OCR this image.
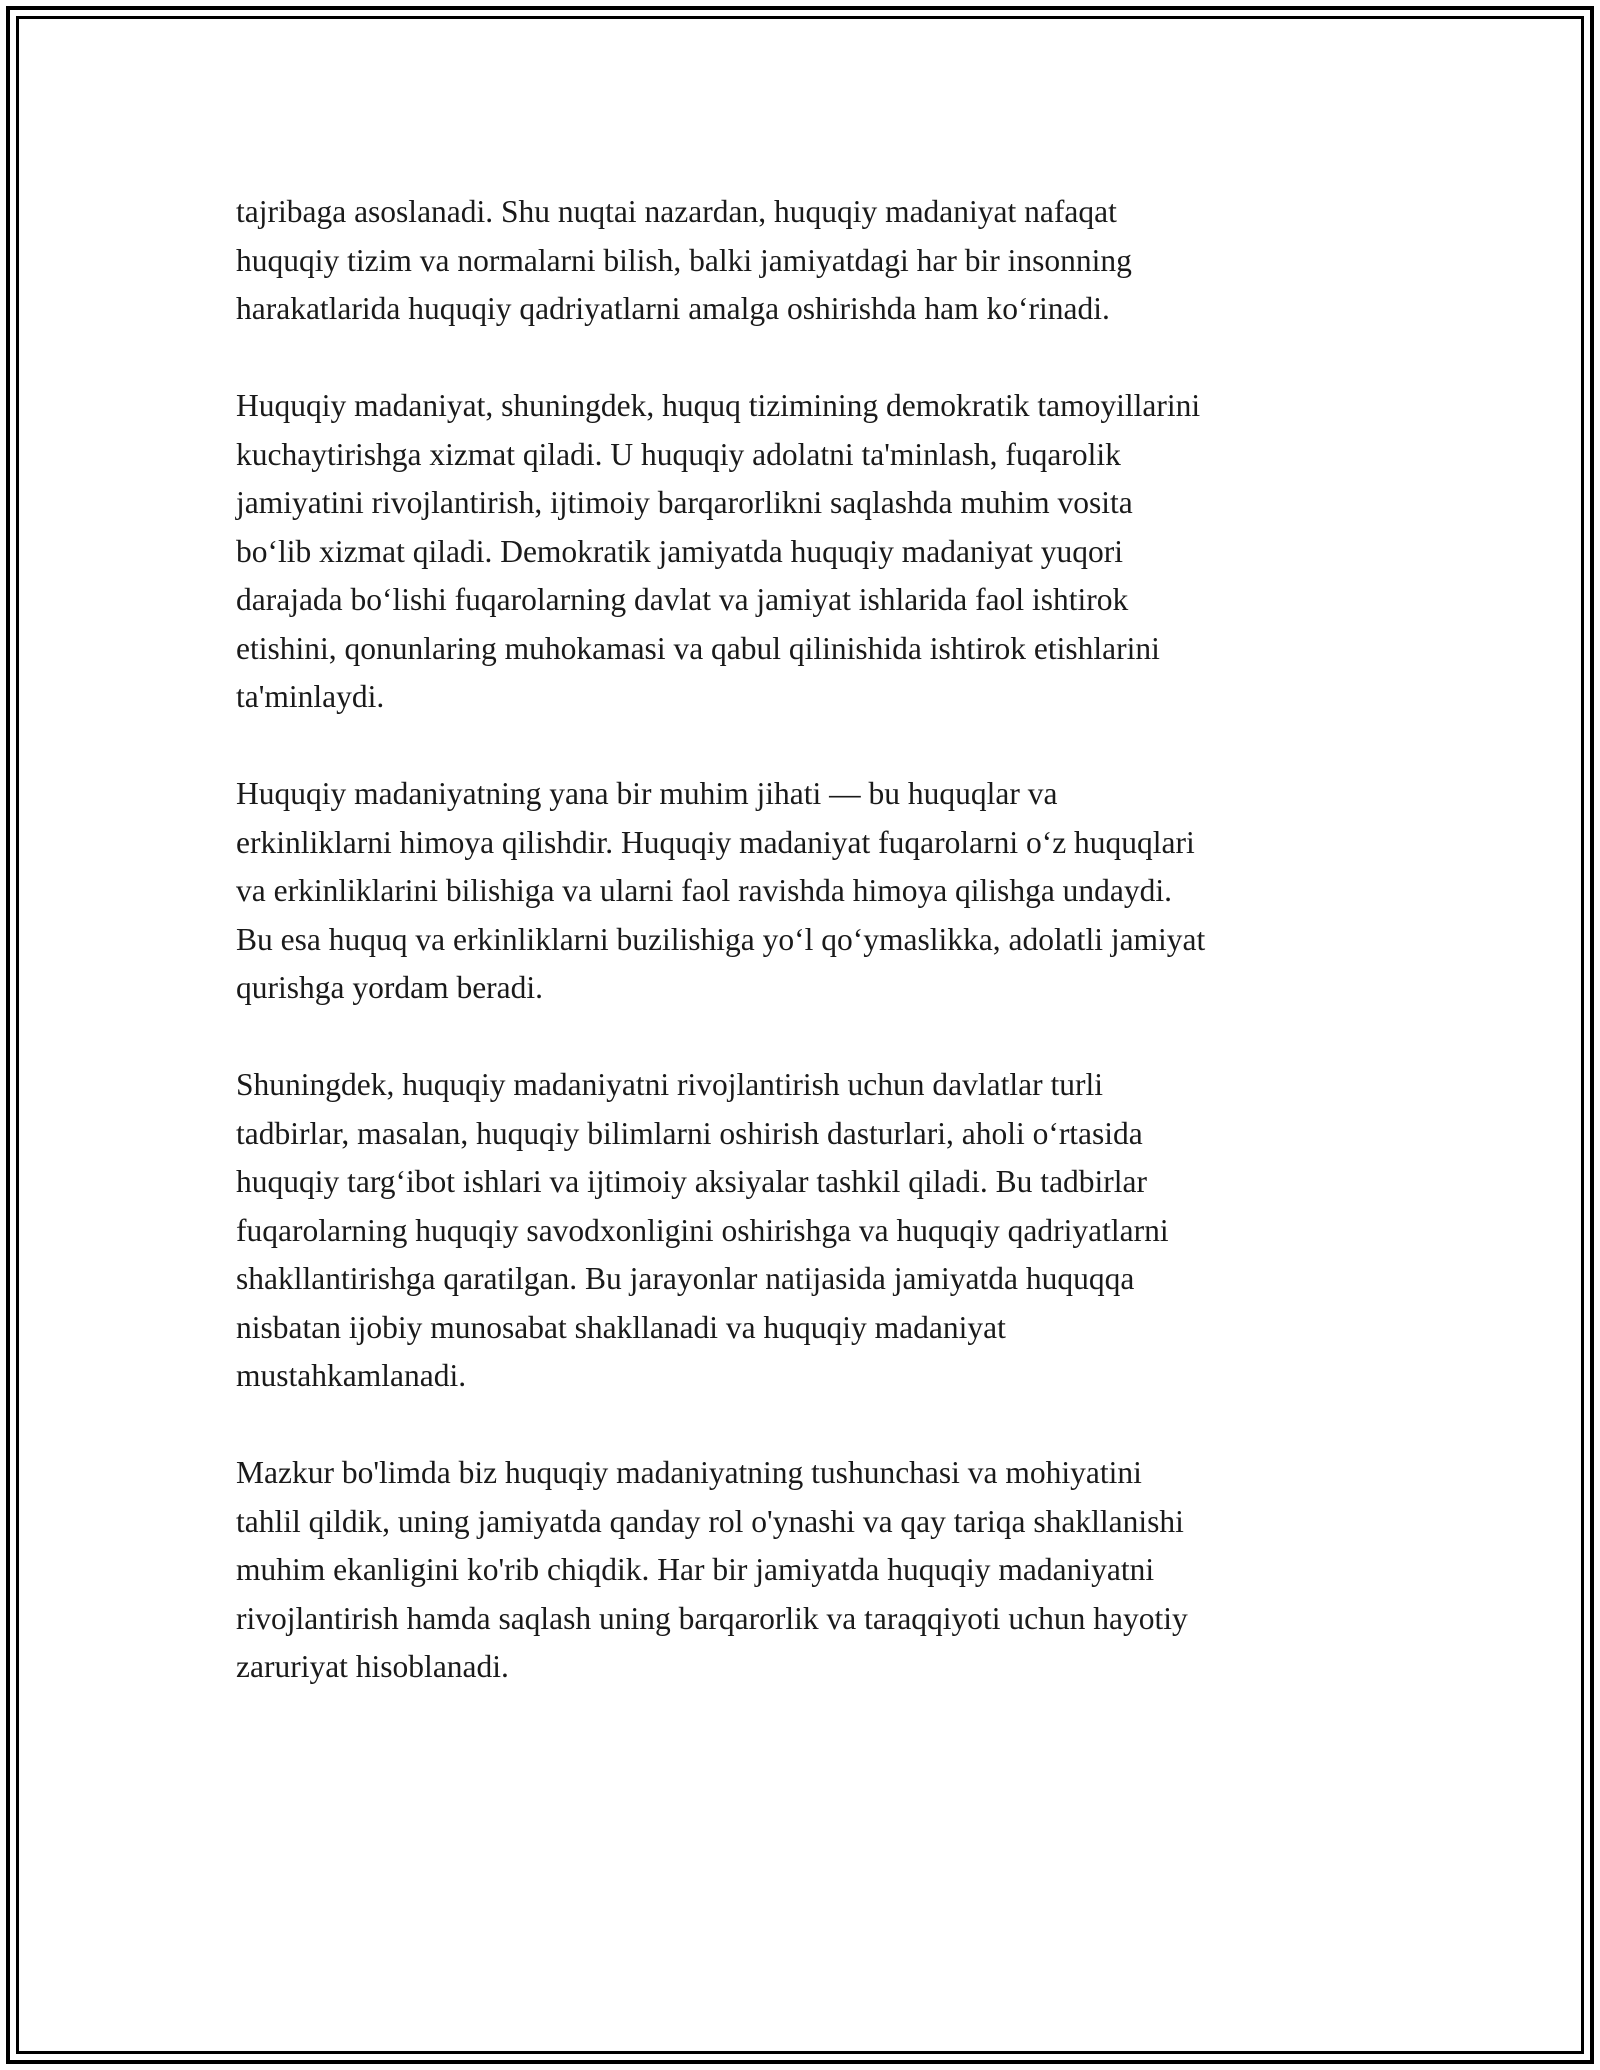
tajribaga asoslanadi. Shu nuqtai nazardan, huquqiy madaniyat nafaqat
huquqiy tizim va normalarni bilish, balki jamiyatdagi har bir insonning
harakatlarida huquqiy qadriyatlarni amalga oshirishda ham ko‘rinadi.

Huquqiy madaniyat, shuningdek, huquq tizimining demokratik tamoyillarini
kuchaytirishga xizmat qiladi. U huquqiy adolatni ta'minlash, fuqarolik
jamiyatini rivojlantirish, ijtimoiy barqarorlikni saqlashda muhim vosita
bo‘lib xizmat qiladi. Demokratik jamiyatda huquqiy madaniyat yuqori
darajada bo‘lishi fuqarolarning davlat va jamiyat ishlarida faol ishtirok
etishini, qonunlaring muhokamasi va qabul qilinishida ishtirok etishlarini
ta'minlaydi.

Huquqiy madaniyatning yana bir muhim jihati — bu huquqlar va
erkinliklarni himoya qilishdir. Huquqiy madaniyat fuqarolarni o‘z huquqlari
va erkinliklarini bilishiga va ularni faol ravishda himoya qilishga undaydi.
Bu esa huquq va erkinliklarni buzilishiga yo‘l qo‘ymaslikka, adolatli jamiyat
qurishga yordam beradi.

Shuningdek, huquqiy madaniyatni rivojlantirish uchun davlatlar turli
tadbirlar, masalan, huquqiy bilimlarni oshirish dasturlari, aholi o‘rtasida
huquqiy targ‘ibot ishlari va ijtimoiy aksiyalar tashkil qiladi. Bu tadbirlar
fuqarolarning huquqiy savodxonligini oshirishga va huquqiy qadriyatlarni
shakllantirishga qaratilgan. Bu jarayonlar natijasida jamiyatda huquqqa
nisbatan ijobiy munosabat shakllanadi va huquqiy madaniyat
mustahkamlanadi.

Mazkur bo'limda biz huquqiy madaniyatning tushunchasi va mohiyatini
tahlil qildik, uning jamiyatda qanday rol o'ynashi va qay tariqa shakllanishi
muhim ekanligini ko'rib chiqdik. Har bir jamiyatda huquqiy madaniyatni
rivojlantirish hamda saqlash uning barqarorlik va taraqqiyoti uchun hayotiy
zaruriyat hisoblanadi.
